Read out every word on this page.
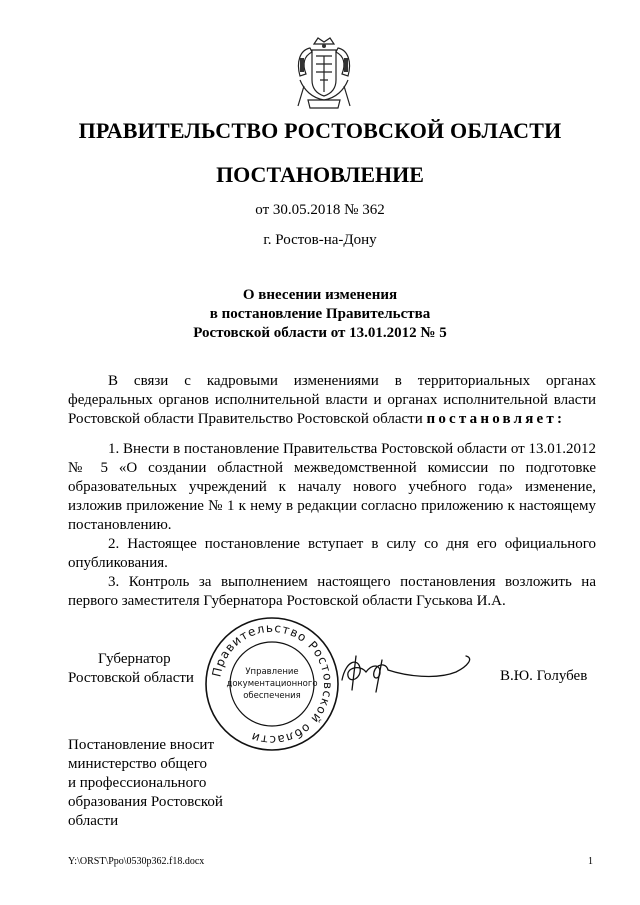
ПРАВИТЕЛЬСТВО РОСТОВСКОЙ ОБЛАСТИ
ПОСТАНОВЛЕНИЕ
от 30.05.2018 № 362
г. Ростов-на-Дону
О внесении изменения
в постановление Правительства
Ростовской области от 13.01.2012 № 5
В связи с кадровыми изменениями в территориальных органах федеральных органов исполнительной власти и органах исполнительной власти Ростовской области Правительство Ростовской области постановляет:

1. Внести в постановление Правительства Ростовской области от 13.01.2012 № 5 «О создании областной межведомственной комиссии по подготовке образовательных учреждений к началу нового учебного года» изменение, изложив приложение № 1 к нему в редакции согласно приложению к настоящему постановлению.

2. Настоящее постановление вступает в силу со дня его официального опубликования.

3. Контроль за выполнением настоящего постановления возложить на первого заместителя Губернатора Ростовской области Гуськова И.А.

Губернатор
Ростовской области	Правительство Ростовской области
Управление
документационного
обеспечения
В.Ю. Голубев
Постановление вносит
министерство общего
и профессионального
образования Ростовской
области
Y:\ORST\Ppo\0530p362.f18.docx	1
